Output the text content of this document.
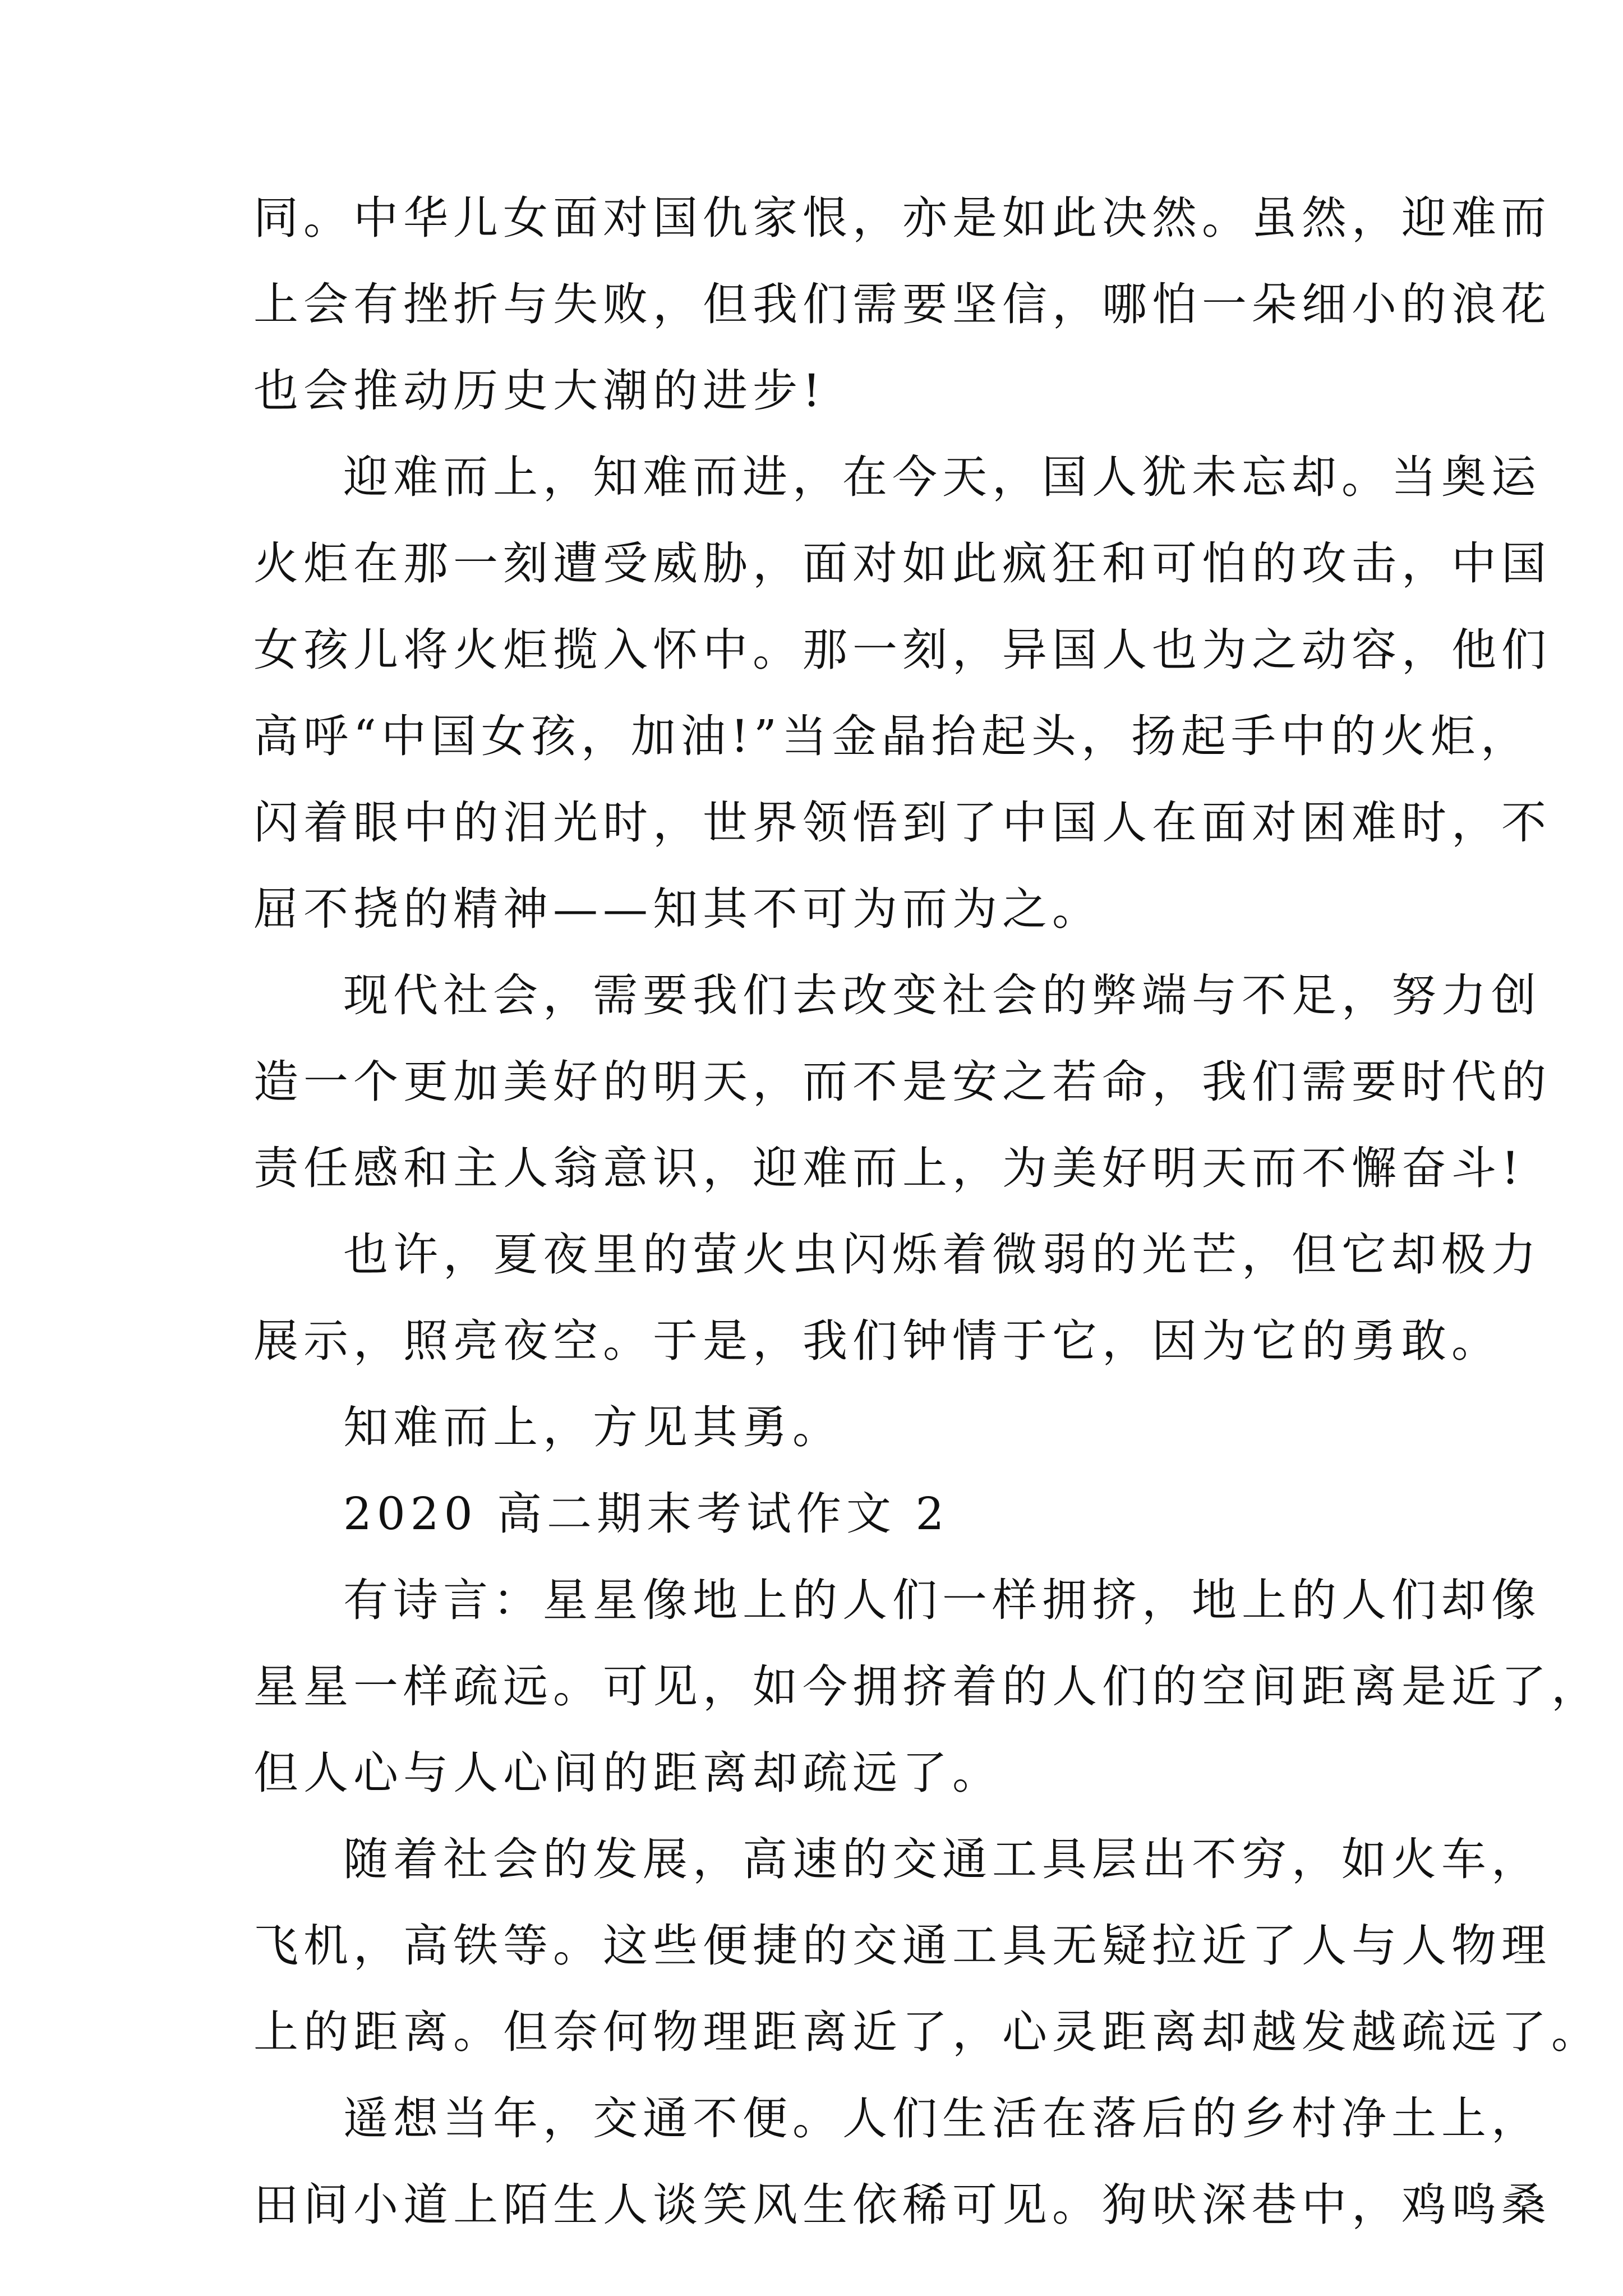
同。中华儿女面对国仇家恨，亦是如此决然。虽然，迎难而
上会有挫折与失败，但我们需要坚信，哪怕一朵细小的浪花
也会推动历史大潮的进步!
迎难而上，知难而进，在今天，国人犹未忘却。当奥运
火炬在那一刻遭受威胁，面对如此疯狂和可怕的攻击，中国
女孩儿将火炬揽入怀中。那一刻，异国人也为之动容，他们
高呼“中国女孩，加油!”当金晶抬起头，扬起手中的火炬，
闪着眼中的泪光时，世界领悟到了中国人在面对困难时，不
屈不挠的精神——知其不可为而为之。
现代社会，需要我们去改变社会的弊端与不足，努力创
造一个更加美好的明天，而不是安之若命，我们需要时代的
责任感和主人翁意识，迎难而上，为美好明天而不懈奋斗!
也许，夏夜里的萤火虫闪烁着微弱的光芒，但它却极力
展示，照亮夜空。于是，我们钟情于它，因为它的勇敢。
知难而上，方见其勇。
2020 高二期末考试作文 2
有诗言：星星像地上的人们一样拥挤，地上的人们却像
星星一样疏远。可见，如今拥挤着的人们的空间距离是近了，
但人心与人心间的距离却疏远了。
随着社会的发展，高速的交通工具层出不穷，如火车，
飞机，高铁等。这些便捷的交通工具无疑拉近了人与人物理
上的距离。但奈何物理距离近了，心灵距离却越发越疏远了。
遥想当年，交通不便。人们生活在落后的乡村净土上，
田间小道上陌生人谈笑风生依稀可见。狗吠深巷中，鸡鸣桑
